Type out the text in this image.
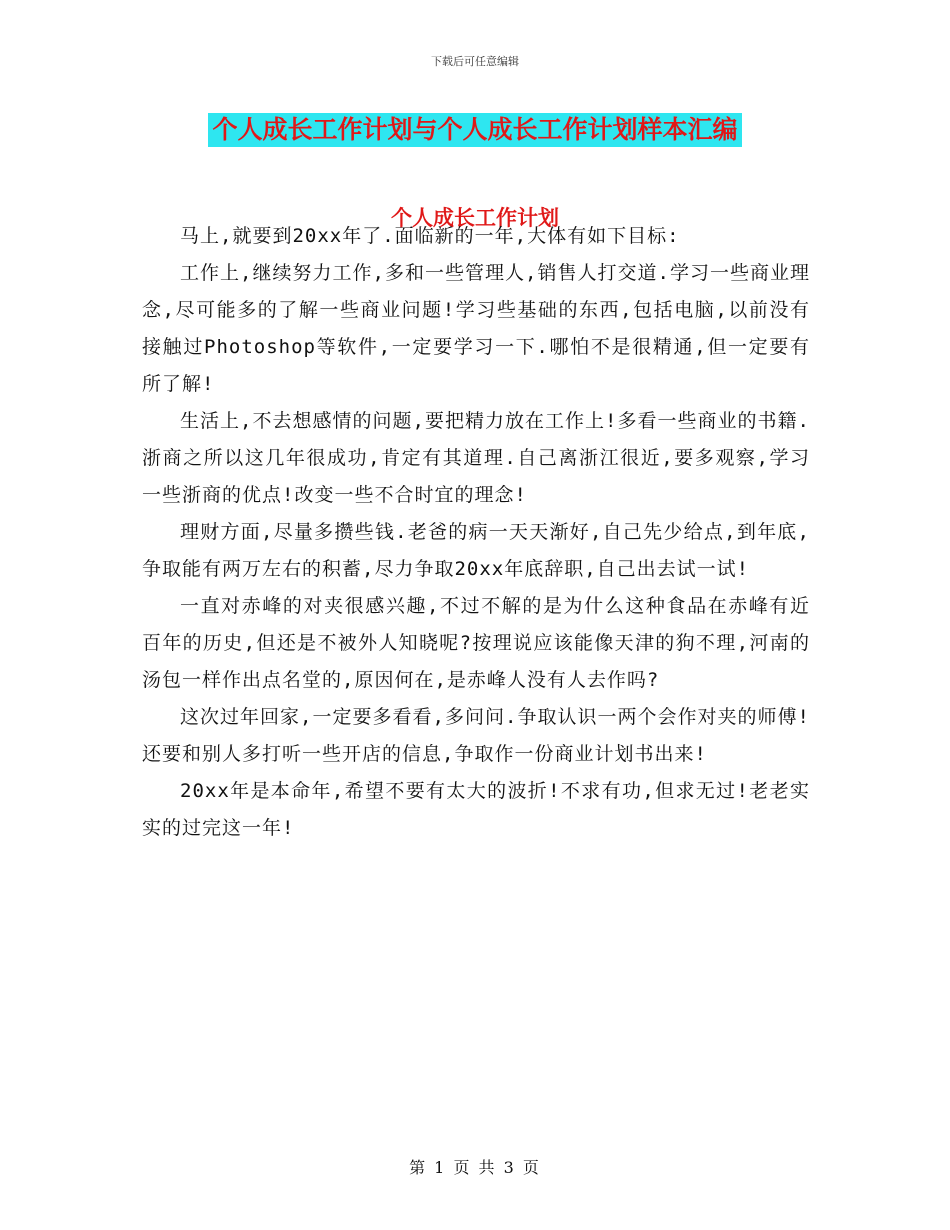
下载后可任意编辑
个人成长工作计划与个人成长工作计划样本汇编
个人成长工作计划

马上,就要到20xx年了.面临新的一年,大体有如下目标:

工作上,继续努力工作,多和一些管理人,销售人打交道.学习一些商业理念,尽可能多的了解一些商业问题!学习些基础的东西,包括电脑,以前没有接触过Photoshop等软件,一定要学习一下.哪怕不是很精通,但一定要有所了解!

生活上,不去想感情的问题,要把精力放在工作上!多看一些商业的书籍.浙商之所以这几年很成功,肯定有其道理.自己离浙江很近,要多观察,学习一些浙商的优点!改变一些不合时宜的理念!

理财方面,尽量多攒些钱.老爸的病一天天渐好,自己先少给点,到年底,争取能有两万左右的积蓄,尽力争取20xx年底辞职,自己出去试一试!

一直对赤峰的对夹很感兴趣,不过不解的是为什么这种食品在赤峰有近百年的历史,但还是不被外人知晓呢?按理说应该能像天津的狗不理,河南的汤包一样作出点名堂的,原因何在,是赤峰人没有人去作吗?

这次过年回家,一定要多看看,多问问.争取认识一两个会作对夹的师傅!还要和别人多打听一些开店的信息,争取作一份商业计划书出来!

20xx年是本命年,希望不要有太大的波折!不求有功,但求无过!老老实实的过完这一年!

第 1 页 共 3 页
